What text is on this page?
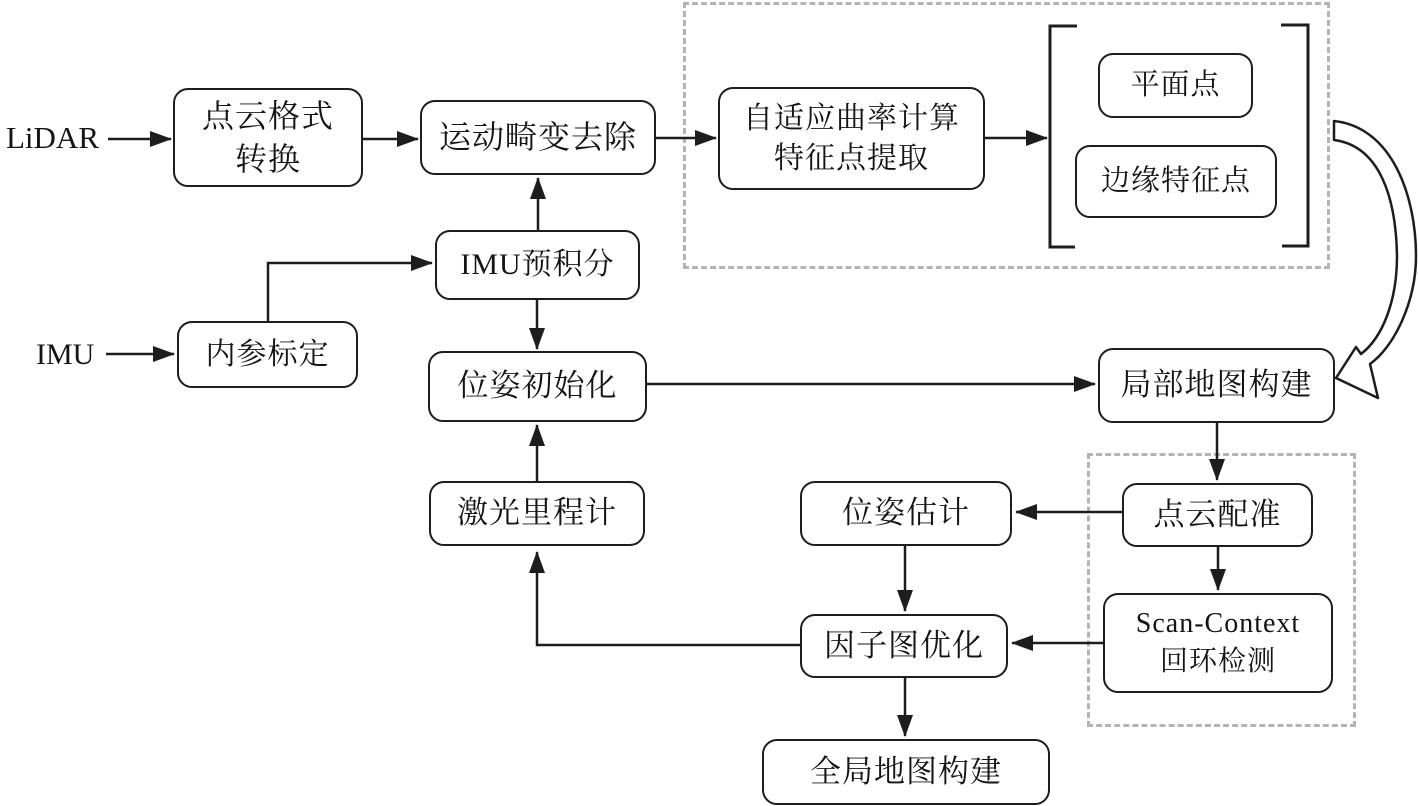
LiDAR
IMU
点云格式
转换
运动畸变去除
自适应曲率计算
特征点提取
平面点
边缘特征点
IMU预积分
内参标定
位姿初始化
激光里程计
局部地图构建
点云配准
位姿估计
因子图优化
Scan-Context
回环检测
全局地图构建
